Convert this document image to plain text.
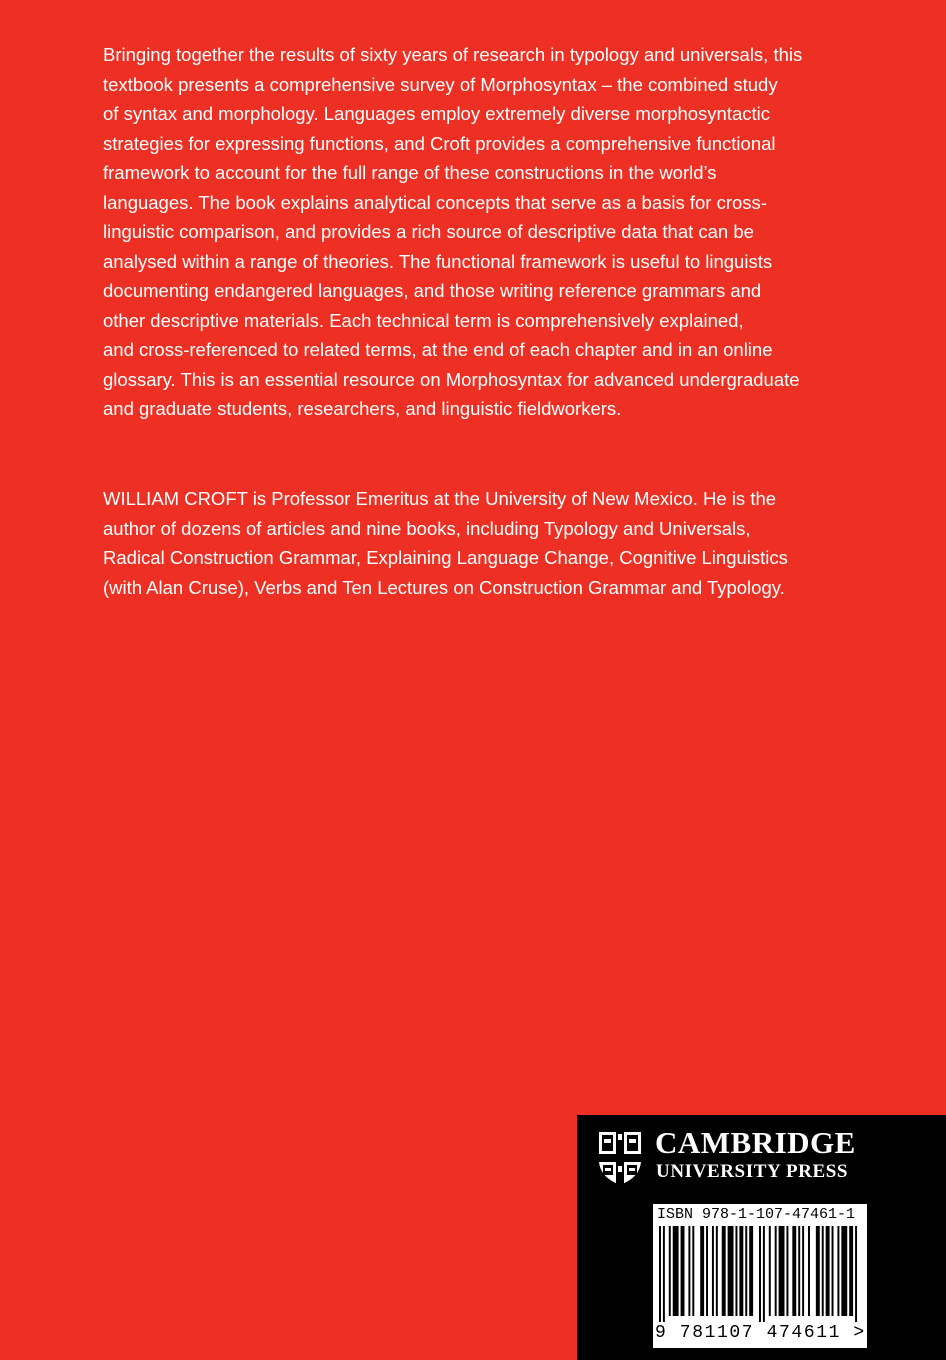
Bringing together the results of sixty years of research in typology and universals, this
textbook presents a comprehensive survey of Morphosyntax – the combined study
of syntax and morphology. Languages employ extremely diverse morphosyntactic
strategies for expressing functions, and Croft provides a comprehensive functional
framework to account for the full range of these constructions in the world’s
languages. The book explains analytical concepts that serve as a basis for cross-
linguistic comparison, and provides a rich source of descriptive data that can be
analysed within a range of theories. The functional framework is useful to linguists
documenting endangered languages, and those writing reference grammars and
other descriptive materials. Each technical term is comprehensively explained,
and cross-referenced to related terms, at the end of each chapter and in an online
glossary. This is an essential resource on Morphosyntax for advanced undergraduate
and graduate students, researchers, and linguistic fieldworkers.

WILLIAM CROFT is Professor Emeritus at the University of New Mexico. He is the
author of dozens of articles and nine books, including Typology and Universals,
Radical Construction Grammar, Explaining Language Change, Cognitive Linguistics
(with Alan Cruse), Verbs and Ten Lectures on Construction Grammar and Typology.

CAMBRIDGE
UNIVERSITY PRESS
ISBN 978-1-107-47461-1
9 781107 474611 >
